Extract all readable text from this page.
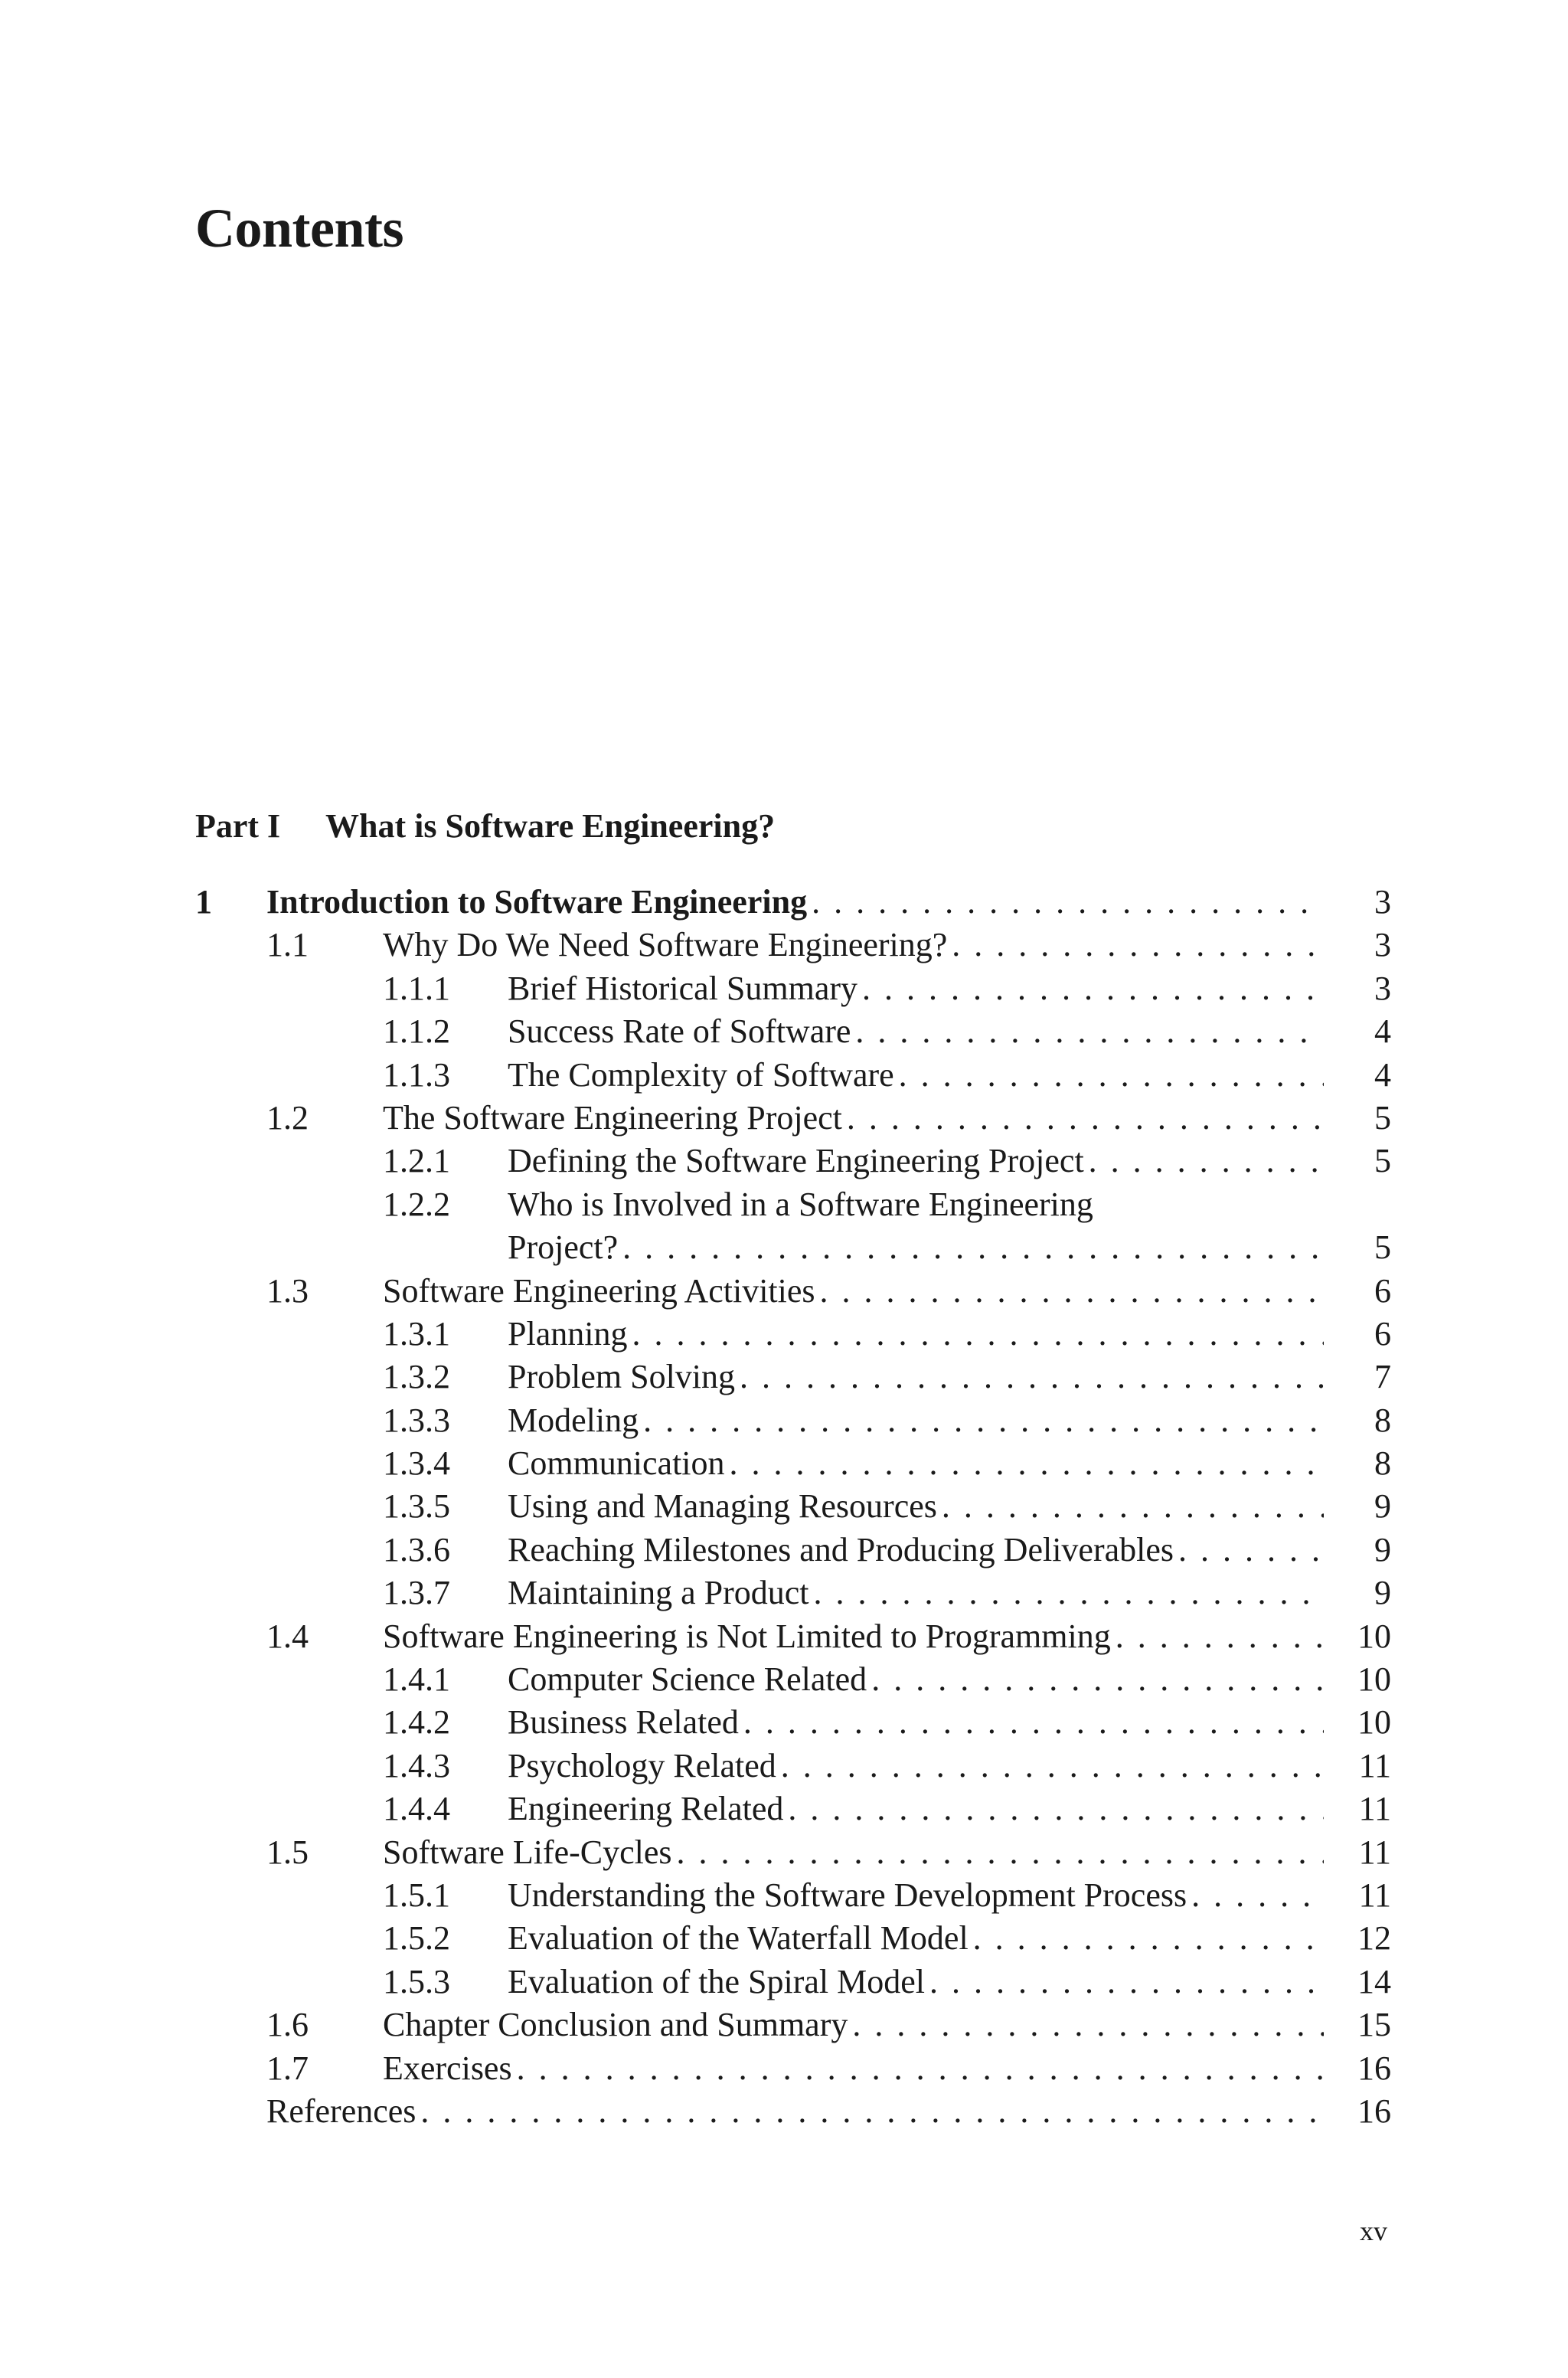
Contents
Part I	What is Software Engineering?
1	Introduction to Software Engineering . . .	3
1.1	Why Do We Need Software Engineering? . . .	3
1.1.1	Brief Historical Summary . . .	3
1.1.2	Success Rate of Software . . .	4
1.1.3	The Complexity of Software . . .	4
1.2	The Software Engineering Project . . .	5
1.2.1	Defining the Software Engineering Project . . .	5
1.2.2	Who is Involved in a Software Engineering
Project? . . .	5
1.3	Software Engineering Activities . . .	6
1.3.1	Planning . . .	6
1.3.2	Problem Solving . . .	7
1.3.3	Modeling . . .	8
1.3.4	Communication . . .	8
1.3.5	Using and Managing Resources . . .	9
1.3.6	Reaching Milestones and Producing Deliverables . . .	9
1.3.7	Maintaining a Product . . .	9
1.4	Software Engineering is Not Limited to Programming . . .	10
1.4.1	Computer Science Related . . .	10
1.4.2	Business Related . . .	10
1.4.3	Psychology Related . . .	11
1.4.4	Engineering Related . . .	11
1.5	Software Life-Cycles . . .	11
1.5.1	Understanding the Software Development Process . . .	11
1.5.2	Evaluation of the Waterfall Model . . .	12
1.5.3	Evaluation of the Spiral Model . . .	14
1.6	Chapter Conclusion and Summary . . .	15
1.7	Exercises . . .	16
References . . .	16
xv
